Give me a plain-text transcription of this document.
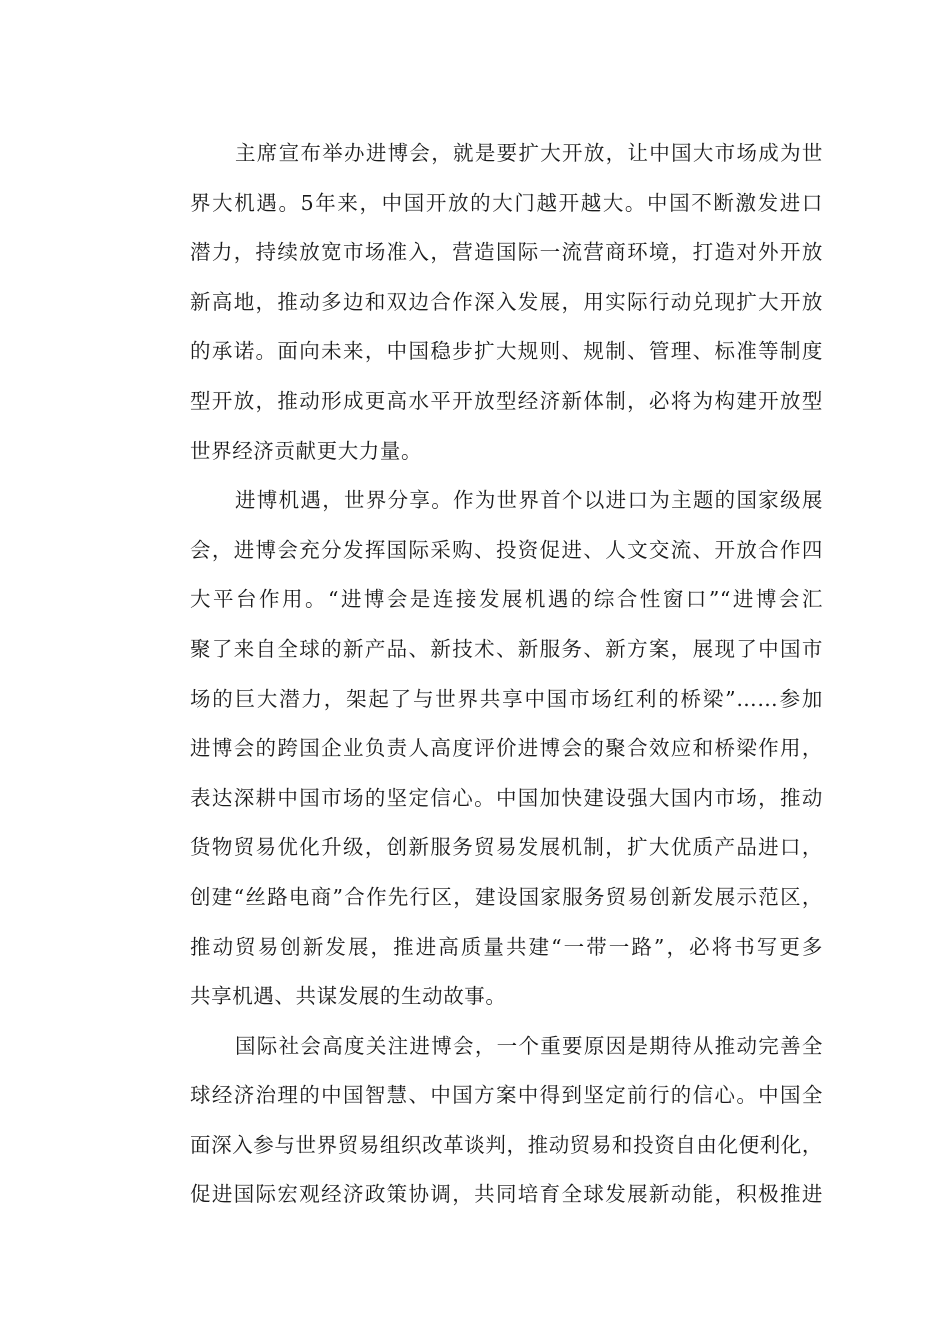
主席宣布举办进博会，就是要扩大开放，让中国大市场成为世
界大机遇。5年来，中国开放的大门越开越大。中国不断激发进口
潜力，持续放宽市场准入，营造国际一流营商环境，打造对外开放
新高地，推动多边和双边合作深入发展，用实际行动兑现扩大开放
的承诺。面向未来，中国稳步扩大规则、规制、管理、标准等制度
型开放，推动形成更高水平开放型经济新体制，必将为构建开放型
世界经济贡献更大力量。
进博机遇，世界分享。作为世界首个以进口为主题的国家级展
会，进博会充分发挥国际采购、投资促进、人文交流、开放合作四
大平台作用。“进博会是连接发展机遇的综合性窗口”“进博会汇
聚了来自全球的新产品、新技术、新服务、新方案，展现了中国市
场的巨大潜力，架起了与世界共享中国市场红利的桥梁”……参加
进博会的跨国企业负责人高度评价进博会的聚合效应和桥梁作用，
表达深耕中国市场的坚定信心。中国加快建设强大国内市场，推动
货物贸易优化升级，创新服务贸易发展机制，扩大优质产品进口，
创建“丝路电商”合作先行区，建设国家服务贸易创新发展示范区，
推动贸易创新发展，推进高质量共建“一带一路”，必将书写更多
共享机遇、共谋发展的生动故事。
国际社会高度关注进博会，一个重要原因是期待从推动完善全
球经济治理的中国智慧、中国方案中得到坚定前行的信心。中国全
面深入参与世界贸易组织改革谈判，推动贸易和投资自由化便利化，
促进国际宏观经济政策协调，共同培育全球发展新动能，积极推进
